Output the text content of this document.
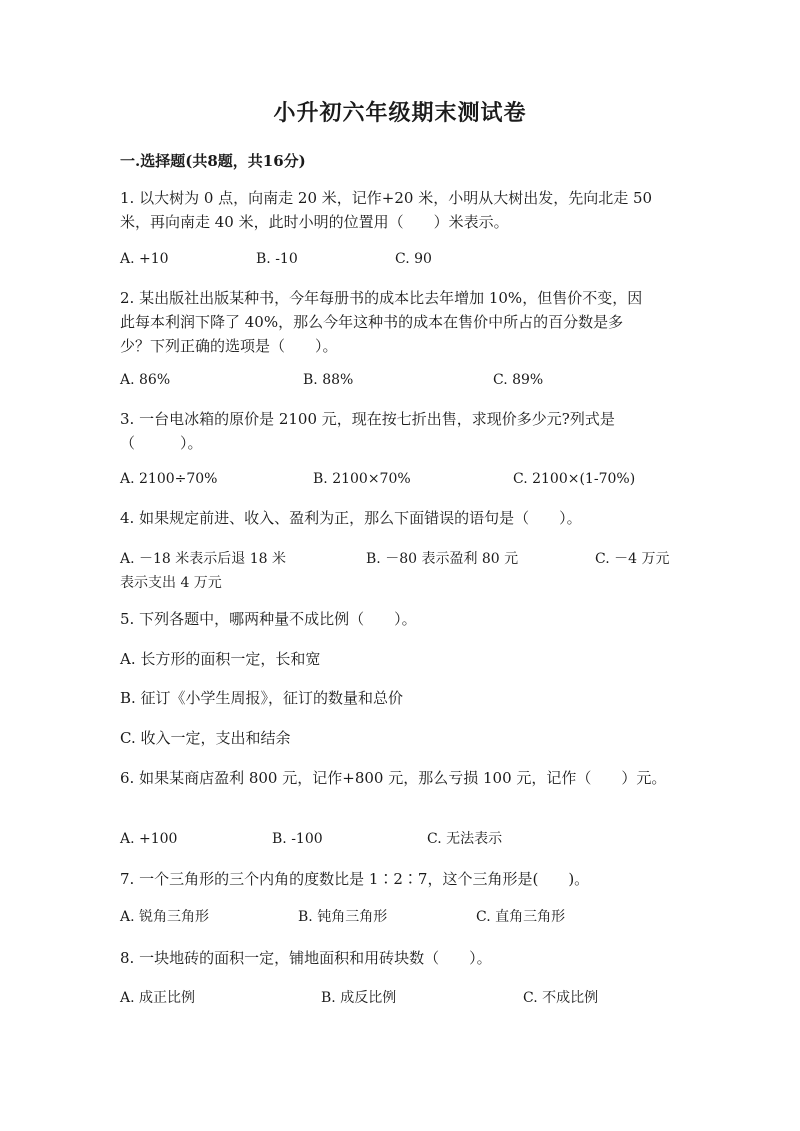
小升初六年级期末测试卷
一.选择题(共8题，共16分)
1. 以大树为 0 点，向南走 20 米，记作+20 米，小明从大树出发，先向北走 50
米，再向南走 40 米，此时小明的位置用（　　）米表示。
A. +10	B. -10	C. 90
2. 某出版社出版某种书，今年每册书的成本比去年增加 10%，但售价不变，因
此每本利润下降了 40%，那么今年这种书的成本在售价中所占的百分数是多
少？下列正确的选项是（　　）。
A. 86%	B. 88%	C. 89%
3. 一台电冰箱的原价是 2100 元，现在按七折出售，求现价多少元?列式是
（　　　）。
A. 2100÷70%	B. 2100×70%	C. 2100×(1-70%)
4. 如果规定前进、收入、盈利为正，那么下面错误的语句是（　　）。
A. －18 米表示后退 18 米	B. －80 表示盈利 80 元	C. －4 万元
表示支出 4 万元
5. 下列各题中，哪两种量不成比例（　　）。
A. 长方形的面积一定，长和宽
B. 征订《小学生周报》，征订的数量和总价
C. 收入一定，支出和结余
6. 如果某商店盈利 800 元，记作+800 元，那么亏损 100 元，记作（　　）元。
A. +100	B. -100	C. 无法表示
7. 一个三角形的三个内角的度数比是 1∶2∶7，这个三角形是(　　)。
A. 锐角三角形	B. 钝角三角形	C. 直角三角形
8. 一块地砖的面积一定，铺地面积和用砖块数（　　）。
A. 成正比例	B. 成反比例	C. 不成比例
